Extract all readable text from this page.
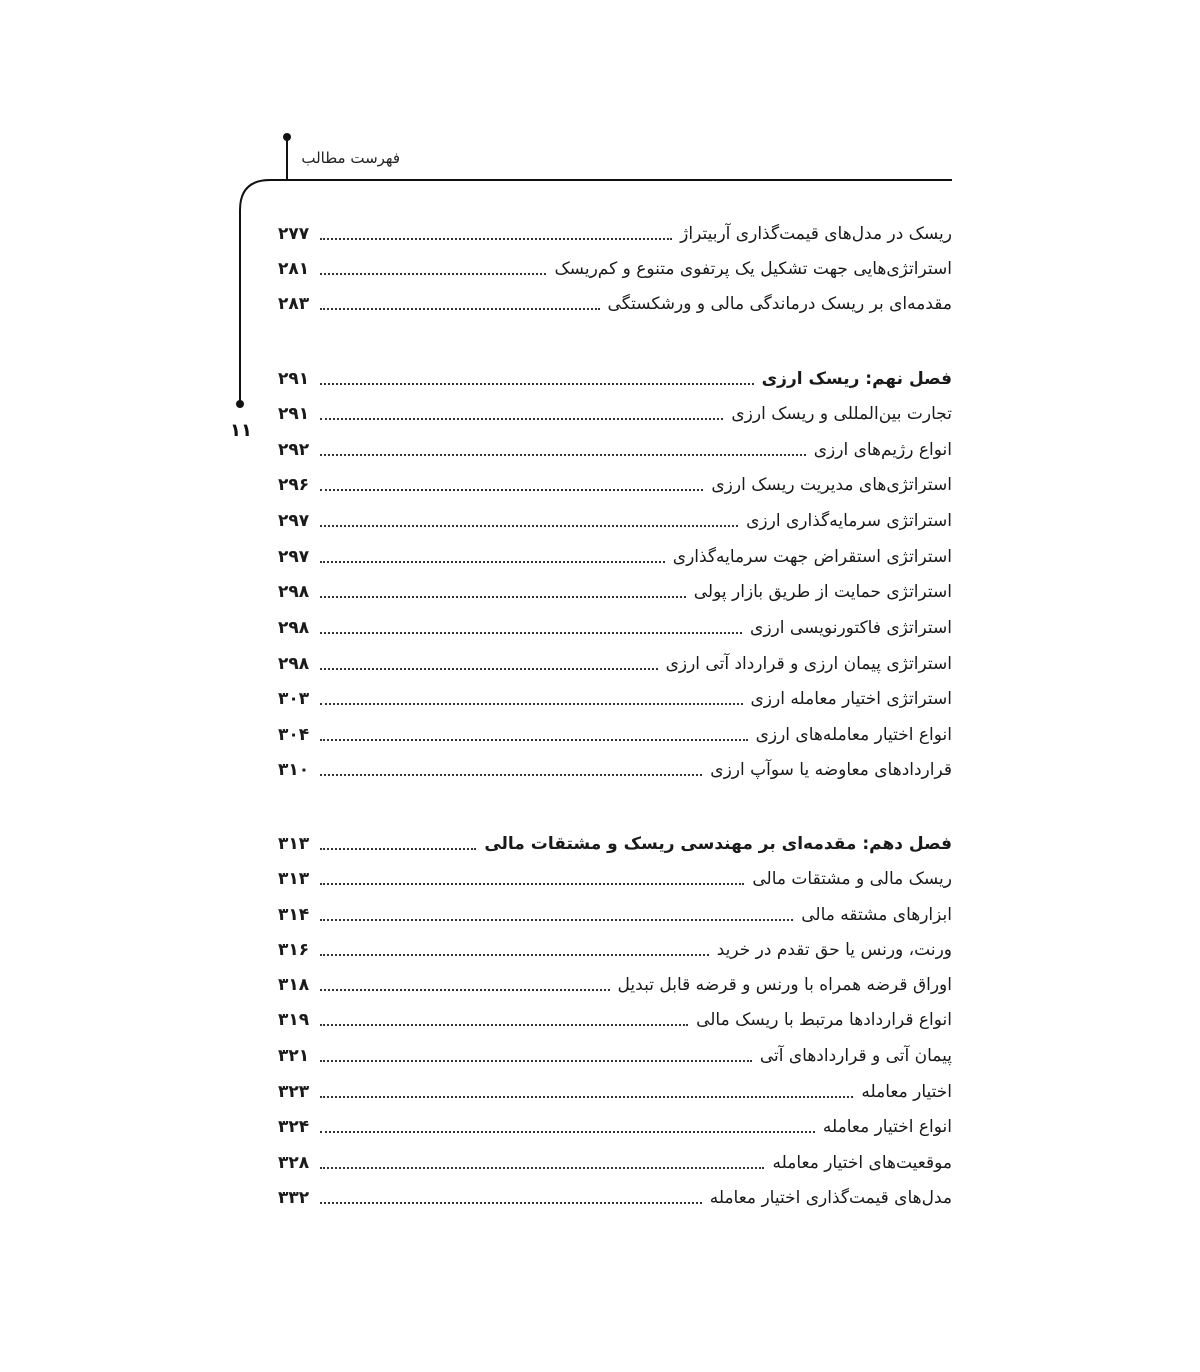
فهرست مطالب
۱۱
ریسک در مدل‌های قیمت‌گذاری آربیتراژ
۲۷۷
استراتژی‌هایی جهت تشکیل یک پرتفوی متنوع و کم‌ریسک
۲۸۱
مقدمه‌ای بر ریسک درماندگی مالی و ورشکستگی
۲۸۳
فصل نهم: ریسک ارزی
۲۹۱
تجارت بین‌المللی و ریسک ارزی
۲۹۱
انواع رژیم‌های ارزی
۲۹۲
استراتژی‌های مدیریت ریسک ارزی
۲۹۶
استراتژی سرمایه‌گذاری ارزی
۲۹۷
استراتژی استقراض جهت سرمایه‌گذاری
۲۹۷
استراتژی حمایت از طریق بازار پولی
۲۹۸
استراتژی فاکتورنویسی ارزی
۲۹۸
استراتژی پیمان ارزی و قرارداد آتی ارزی
۲۹۸
استراتژی اختیار معامله ارزی
۳۰۳
انواع اختیار معامله‌های ارزی
۳۰۴
قراردادهای معاوضه یا سوآپ ارزی
۳۱۰
فصل دهم: مقدمه‌ای بر مهندسی ریسک و مشتقات مالی
۳۱۳
ریسک مالی و مشتقات مالی
۳۱۳
ابزارهای مشتقه مالی
۳۱۴
ورنت، ورنس یا حق تقدم در خرید
۳۱۶
اوراق قرضه همراه با ورنس و قرضه قابل تبدیل
۳۱۸
انواع قراردادها مرتبط با ریسک مالی
۳۱۹
پیمان آتی و قراردادهای آتی
۳۲۱
اختیار معامله
۳۲۳
انواع اختیار معامله
۳۲۴
موقعیت‌های اختیار معامله
۳۲۸
مدل‌های قیمت‌گذاری اختیار معامله
۳۳۲
